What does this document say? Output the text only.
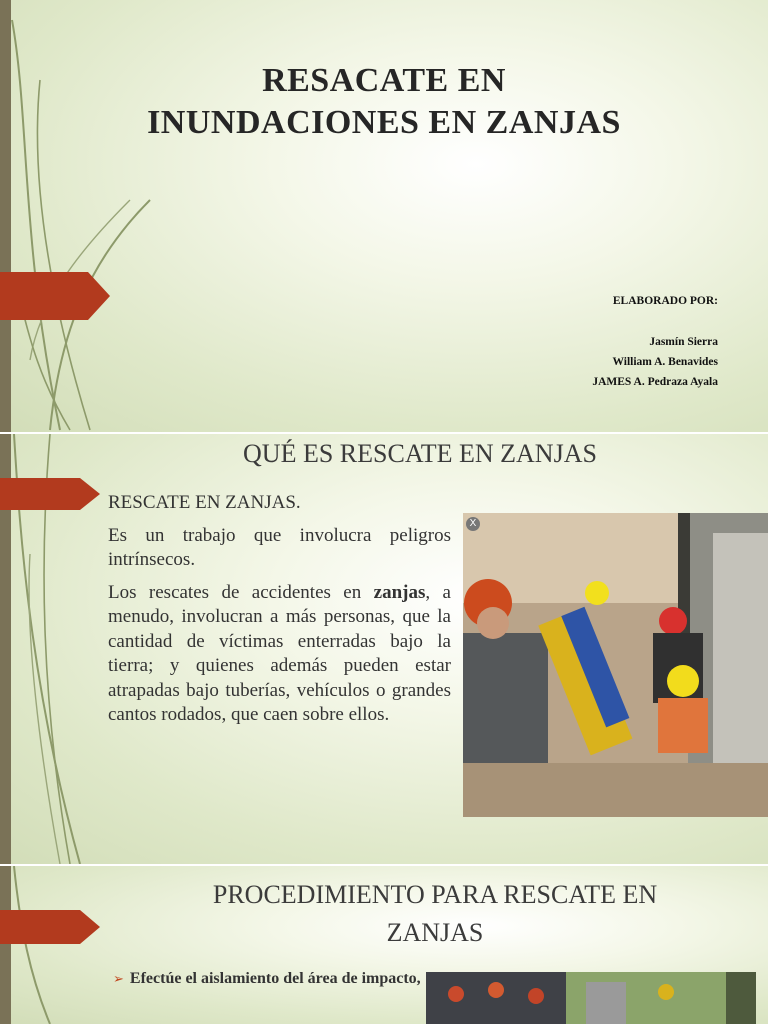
RESACATE EN
INUNDACIONES EN ZANJAS
ELABORADO POR:
Jasmín Sierra
William A. Benavides
JAMES A. Pedraza Ayala
QUÉ ES RESCATE EN ZANJAS

RESCATE EN ZANJAS.

Es un trabajo que involucra peligros intrínsecos.

Los rescates de accidentes en zanjas, a menudo, involucran a más personas, que la cantidad de víctimas enterradas bajo la tierra; y quienes además pueden estar atrapadas bajo tuberías, vehículos o grandes cantos rodados, que caen sobre ellos.

X
PROCEDIMIENTO PARA RESCATE EN
ZANJAS
➢ Efectúe el aislamiento del área de impacto,
